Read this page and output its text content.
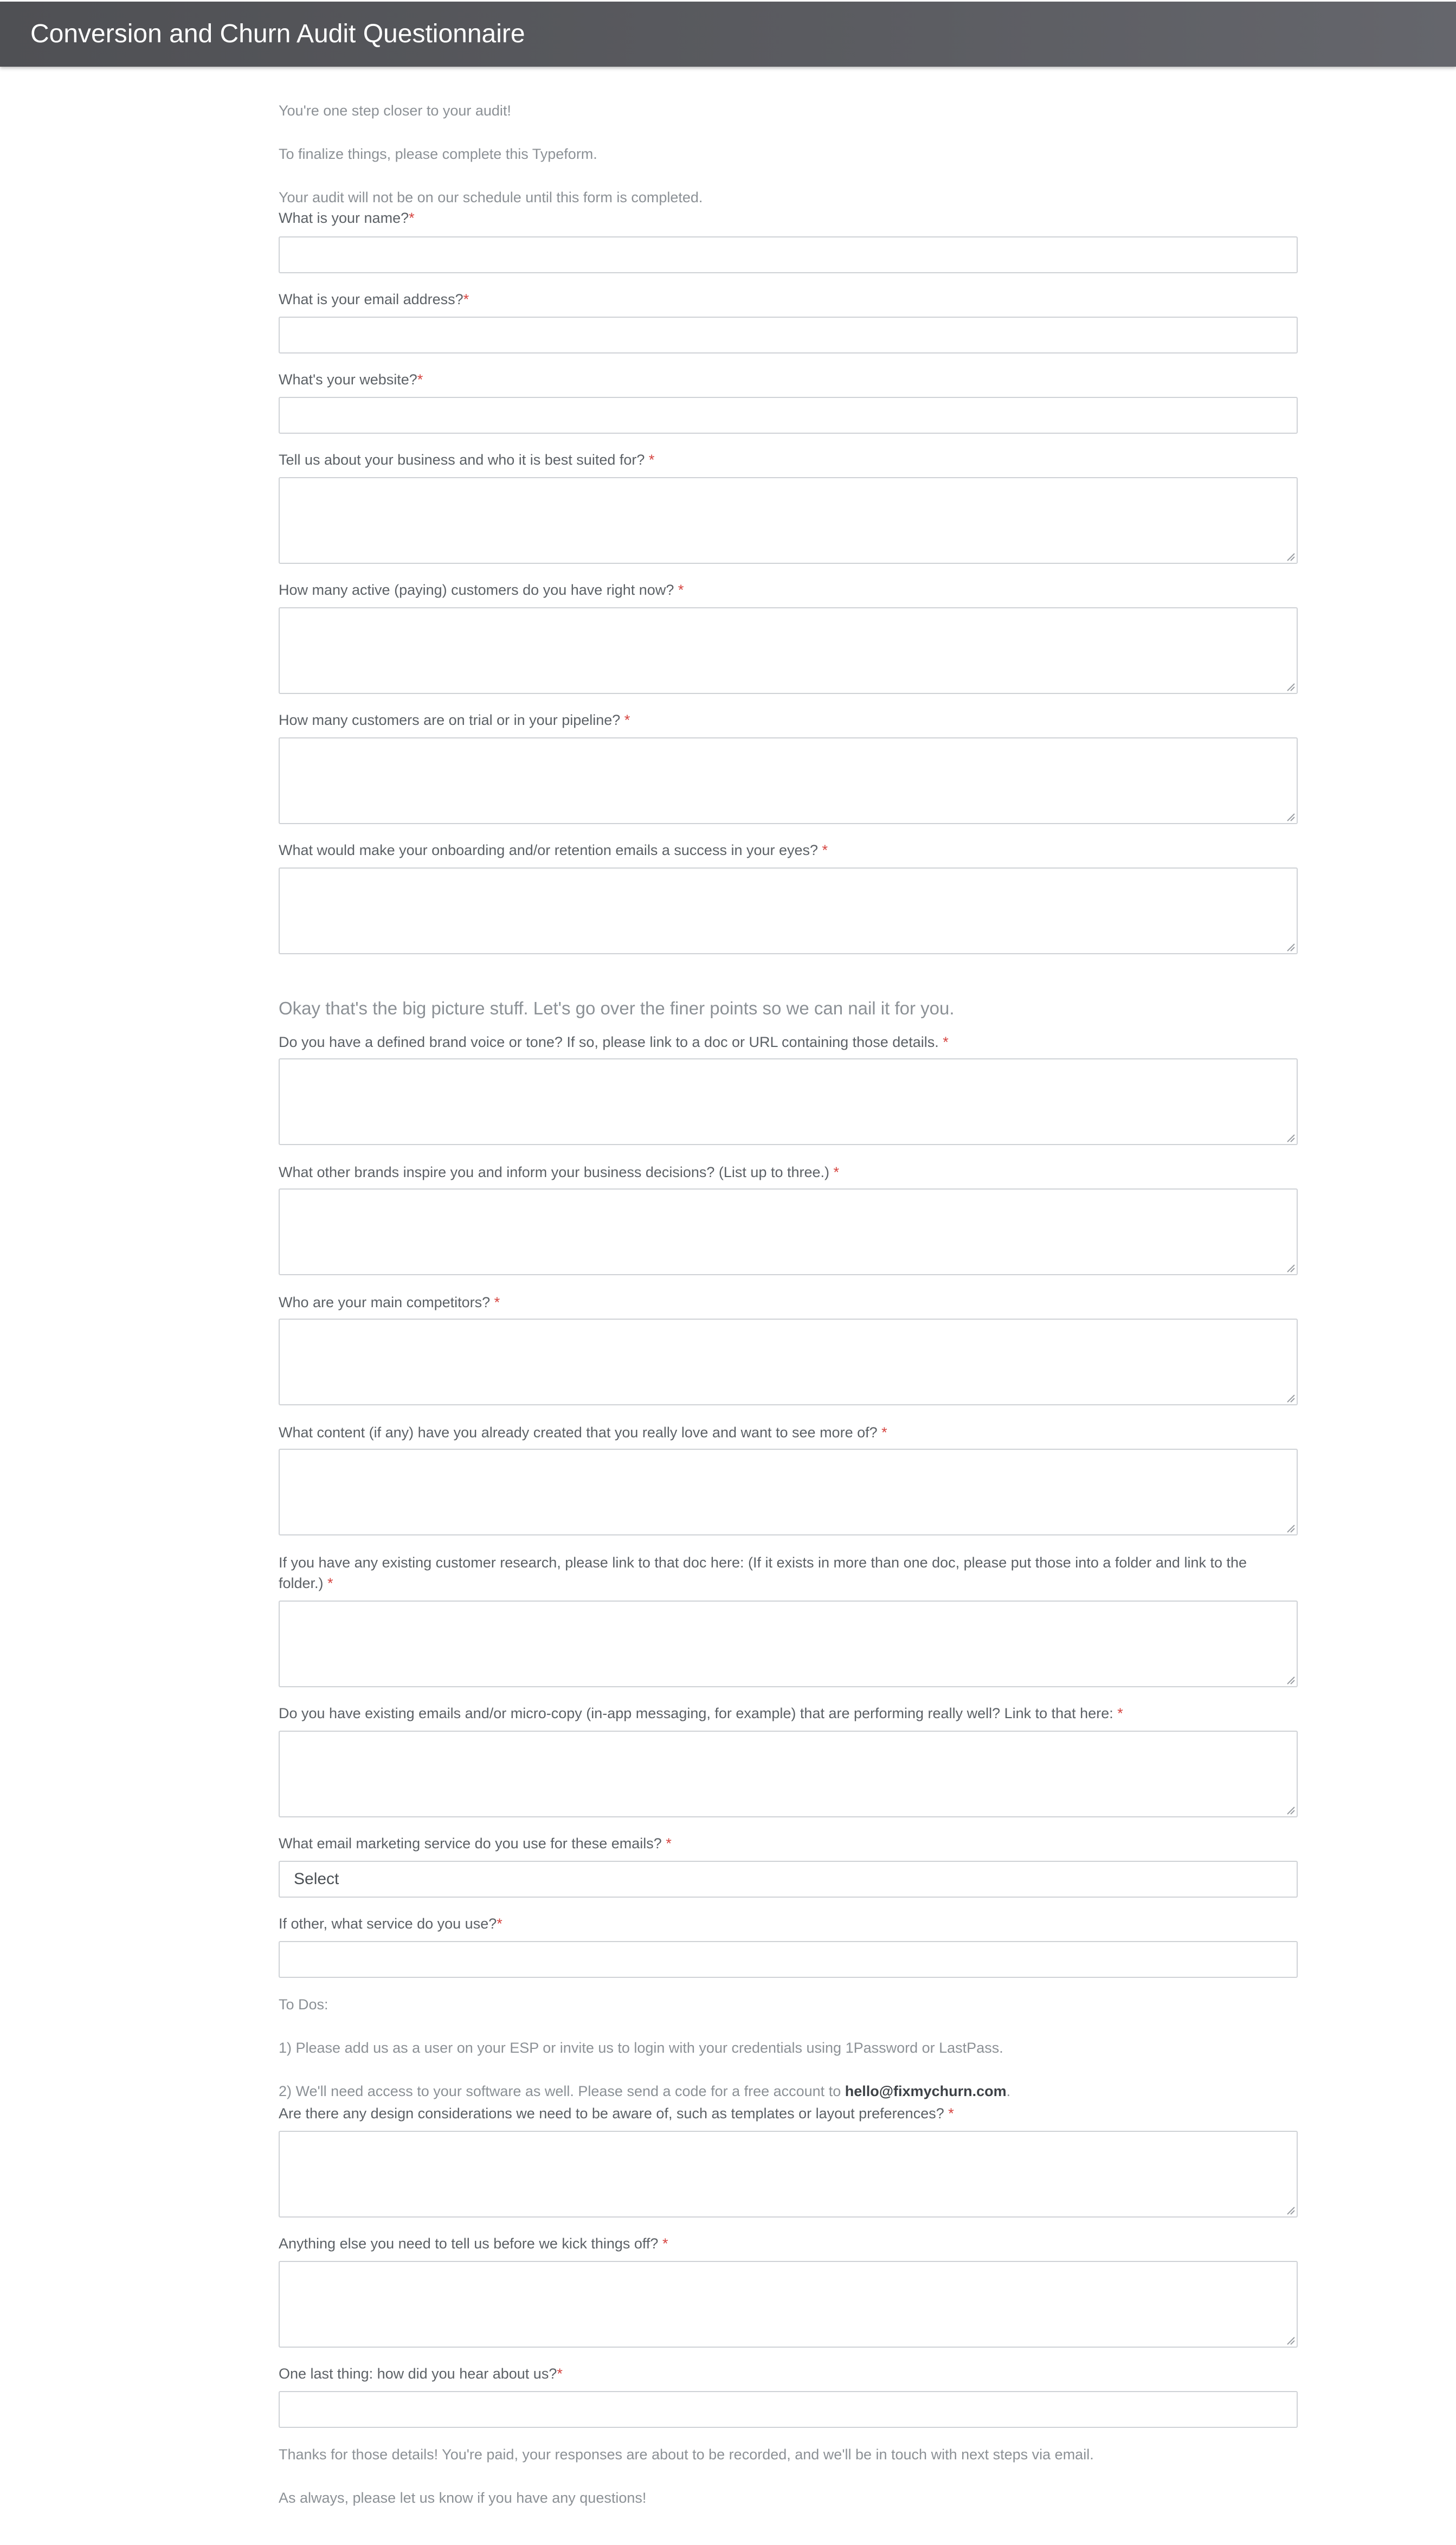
Conversion and Churn Audit Questionnaire
You're one step closer to your audit!
To finalize things, please complete this Typeform.
Your audit will not be on our schedule until this form is completed.
What is your name?*
What is your email address?*
What's your website?*
Tell us about your business and who it is best suited for? *
How many active (paying) customers do you have right now? *
How many customers are on trial or in your pipeline? *
What would make your onboarding and/or retention emails a success in your eyes? *
Okay that's the big picture stuff. Let's go over the finer points so we can nail it for you.
Do you have a defined brand voice or tone? If so, please link to a doc or URL containing those details. *
What other brands inspire you and inform your business decisions? (List up to three.) *
Who are your main competitors? *
What content (if any) have you already created that you really love and want to see more of? *
If you have any existing customer research, please link to that doc here: (If it exists in more than one doc, please put those into a folder and link to the
folder.) *
Do you have existing emails and/or micro-copy (in-app messaging, for example) that are performing really well? Link to that here: *
What email marketing service do you use for these emails? *
Select
If other, what service do you use?*
To Dos:
1) Please add us as a user on your ESP or invite us to login with your credentials using 1Password or LastPass.
2) We'll need access to your software as well. Please send a code for a free account to hello@fixmychurn.com.
Are there any design considerations we need to be aware of, such as templates or layout preferences? *
Anything else you need to tell us before we kick things off? *
One last thing: how did you hear about us?*
Thanks for those details! You're paid, your responses are about to be recorded, and we'll be in touch with next steps via email.
As always, please let us know if you have any questions!
